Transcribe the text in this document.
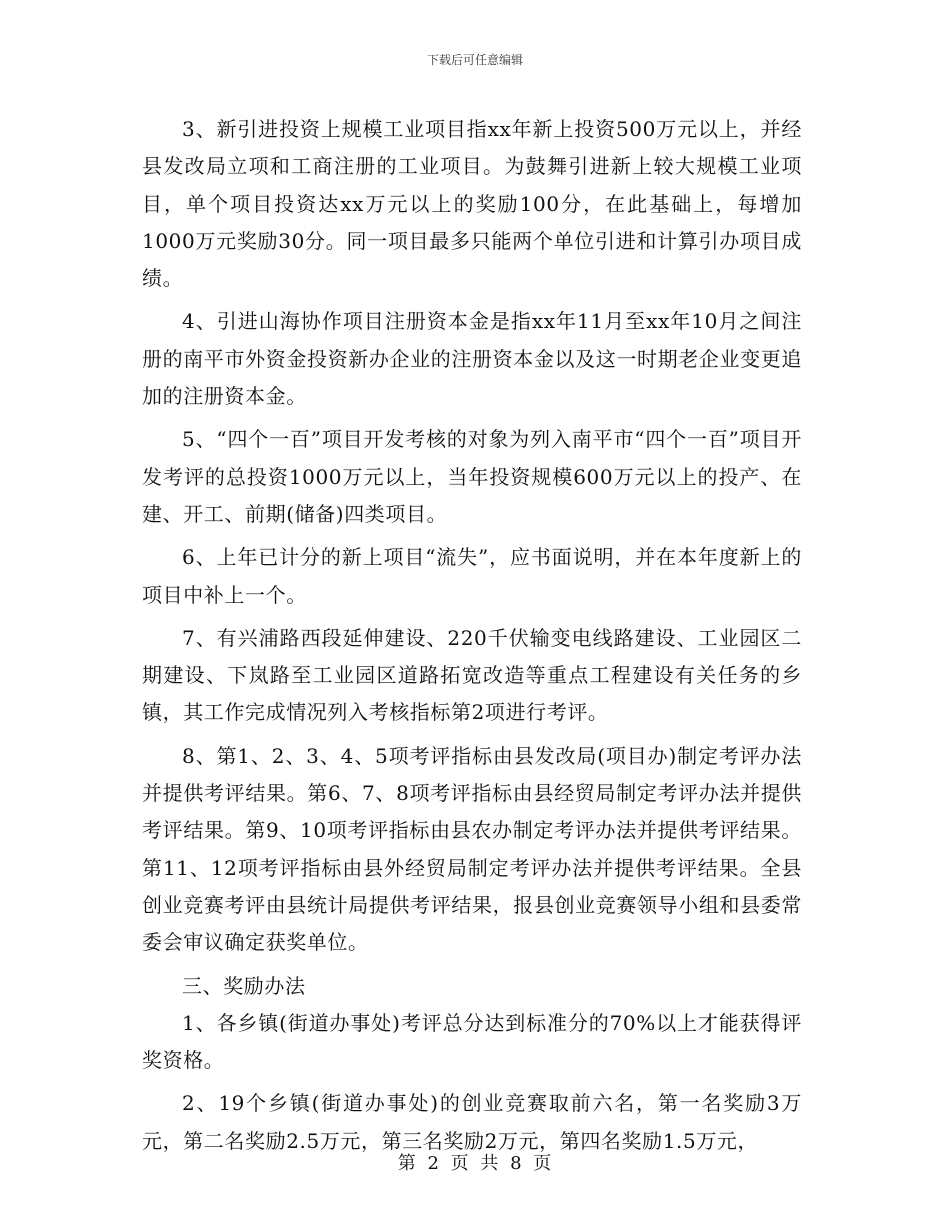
下载后可任意编辑

3、新引进投资上规模工业项目指xx年新上投资500万元以上，并经县发改局立项和工商注册的工业项目。为鼓舞引进新上较大规模工业项目，单个项目投资达xx万元以上的奖励100分，在此基础上，每增加1000万元奖励30分。同一项目最多只能两个单位引进和计算引办项目成绩。

4、引进山海协作项目注册资本金是指xx年11月至xx年10月之间注册的南平市外资金投资新办企业的注册资本金以及这一时期老企业变更追加的注册资本金。

5、“四个一百”项目开发考核的对象为列入南平市“四个一百”项目开发考评的总投资1000万元以上，当年投资规模600万元以上的投产、在建、开工、前期(储备)四类项目。

6、上年已计分的新上项目“流失”，应书面说明，并在本年度新上的项目中补上一个。

7、有兴浦路西段延伸建设、220千伏输变电线路建设、工业园区二期建设、下岚路至工业园区道路拓宽改造等重点工程建设有关任务的乡镇，其工作完成情况列入考核指标第2项进行考评。

8、第1、2、3、4、5项考评指标由县发改局(项目办)制定考评办法并提供考评结果。第6、7、8项考评指标由县经贸局制定考评办法并提供考评结果。第9、10项考评指标由县农办制定考评办法并提供考评结果。第11、12项考评指标由县外经贸局制定考评办法并提供考评结果。全县创业竞赛考评由县统计局提供考评结果，报县创业竞赛领导小组和县委常委会审议确定获奖单位。

三、奖励办法

1、各乡镇(街道办事处)考评总分达到标准分的70%以上才能获得评奖资格。

2、19个乡镇(街道办事处)的创业竞赛取前六名，第一名奖励3万元，第二名奖励2.5万元，第三名奖励2万元，第四名奖励1.5万元，

第 2 页 共 8 页
